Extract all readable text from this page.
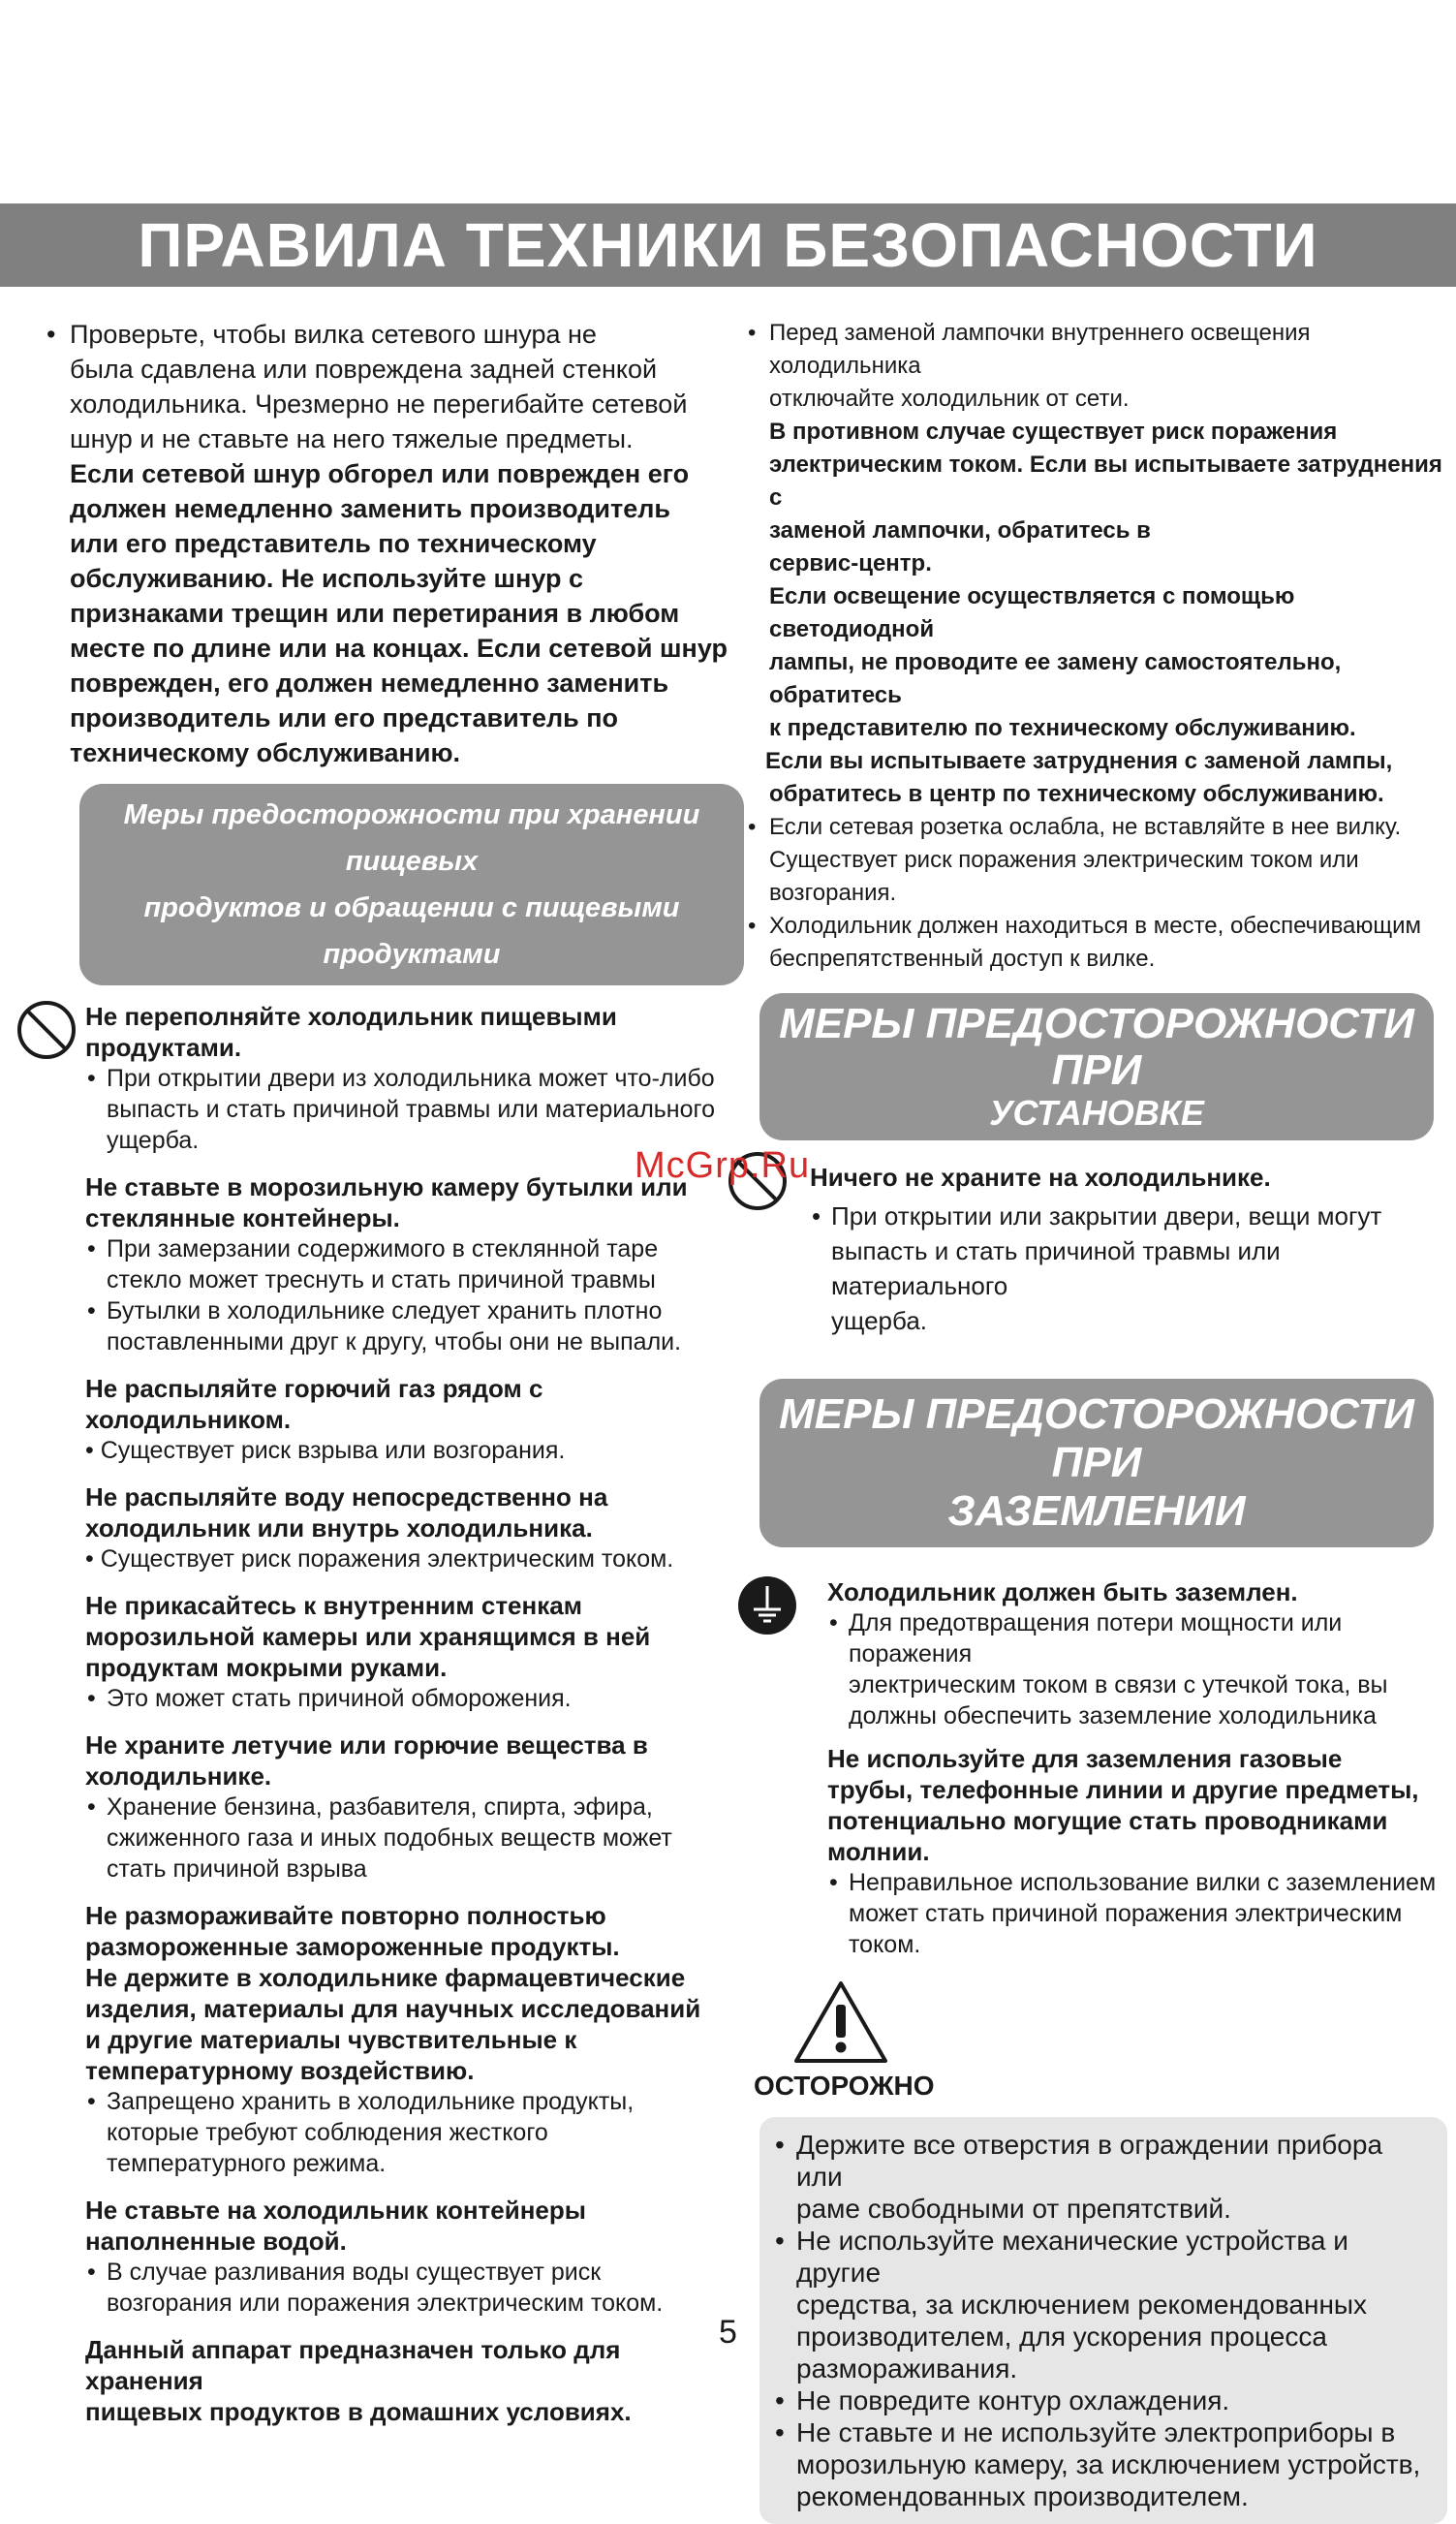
ПРАВИЛА ТЕХНИКИ БЕЗОПАСНОСТИ
• Проверьте, чтобы вилка сетевого шнура не
была сдавлена или повреждена задней стенкой
холодильника. Чрезмерно не перегибайте сетевой
шнур и не ставьте на него тяжелые предметы.
Если сетевой шнур обгорел или поврежден его
должен немедленно заменить производитель
или его представитель по техническому
обслуживанию. Не используйте шнур с
признаками трещин или перетирания в любом
месте по длине или на концах. Если сетевой шнур
поврежден, его должен немедленно заменить
производитель или его представитель по
техническому обслуживанию.
Меры предосторожности при хранении пищевых
продуктов и обращении с пищевыми продуктами
Не переполняйте холодильник пищевыми
продуктами.
• При открытии двери из холодильника может что-либо
выпасть и стать причиной травмы или материального
ущерба.
Не ставьте в морозильную камеру бутылки или
стеклянные контейнеры.
• При замерзании содержимого в стеклянной таре
стекло может треснуть и стать причиной травмы
• Бутылки в холодильнике следует хранить плотно
поставленными друг к другу, чтобы они не выпали.
Не распыляйте горючий газ рядом с
холодильником.
• Существует риск взрыва или возгорания.
Не распыляйте воду непосредственно на
холодильник или внутрь холодильника.
• Существует риск поражения электрическим током.
Не прикасайтесь к внутренним стенкам
морозильной камеры или хранящимся в ней
продуктам мокрыми руками.
• Это может стать причиной обморожения.
Не храните летучие или горючие вещества в
холодильнике.
• Хранение бензина, разбавителя, спирта, эфира,
сжиженного газа и иных подобных веществ может
стать причиной взрыва
Не размораживайте повторно полностью
размороженные замороженные продукты.
Не держите в холодильнике фармацевтические
изделия, материалы для научных исследований
и другие материалы чувствительные к
температурному воздействию.
• Запрещено хранить в холодильнике продукты,
которые требуют соблюдения жесткого
температурного режима.
Не ставьте на холодильник контейнеры
наполненные водой.
• В случае разливания воды существует риск
возгорания или поражения электрическим током.
Данный аппарат предназначен только для хранения
пищевых продуктов в домашних условиях.
• Перед заменой лампочки внутреннего освещения холодильника
отключайте холодильник от сети.
В противном случае существует риск поражения
электрическим током. Если вы испытываете затруднения с
заменой лампочки, обратитесь в
сервис-центр.
Если освещение осуществляется с помощью светодиодной
лампы, не проводите ее замену самостоятельно, обратитесь
к представителю по техническому обслуживанию.
Если вы испытываете затруднения с заменой лампы,
обратитесь в центр по техническому обслуживанию.
• Если сетевая розетка ослабла, не вставляйте в нее вилку.
Существует риск поражения электрическим током или возгорания.
• Холодильник должен находиться в месте, обеспечивающим
беспрепятственный доступ к вилке.
МЕРЫ ПРЕДОСТОРОЖНОСТИ ПРИ
УСТАНОВКЕ
Ничего не храните на холодильнике.
• При открытии или закрытии двери, вещи могут
выпасть и стать причиной травмы или материального
ущерба.
МЕРЫ ПРЕДОСТОРОЖНОСТИ ПРИ
ЗАЗЕМЛЕНИИ
Холодильник должен быть заземлен.
• Для предотвращения потери мощности или поражения
электрическим током в связи с утечкой тока, вы
должны обеспечить заземление холодильника
Не используйте для заземления газовые
трубы, телефонные линии и другие предметы,
потенциально могущие стать проводниками молнии.
• Неправильное использование вилки с заземлением
может стать причиной поражения электрическим
током.
ОСТОРОЖНО
• Держите все отверстия в ограждении прибора или
раме свободными от препятствий.
• Не используйте механические устройства и другие
средства, за исключением рекомендованных
производителем, для ускорения процесса
размораживания.
• Не повредите контур охлаждения.
• Не ставьте и не используйте электроприборы в
морозильную камеру, за исключением устройств,
рекомендованных производителем.
McGrp.Ru
5
